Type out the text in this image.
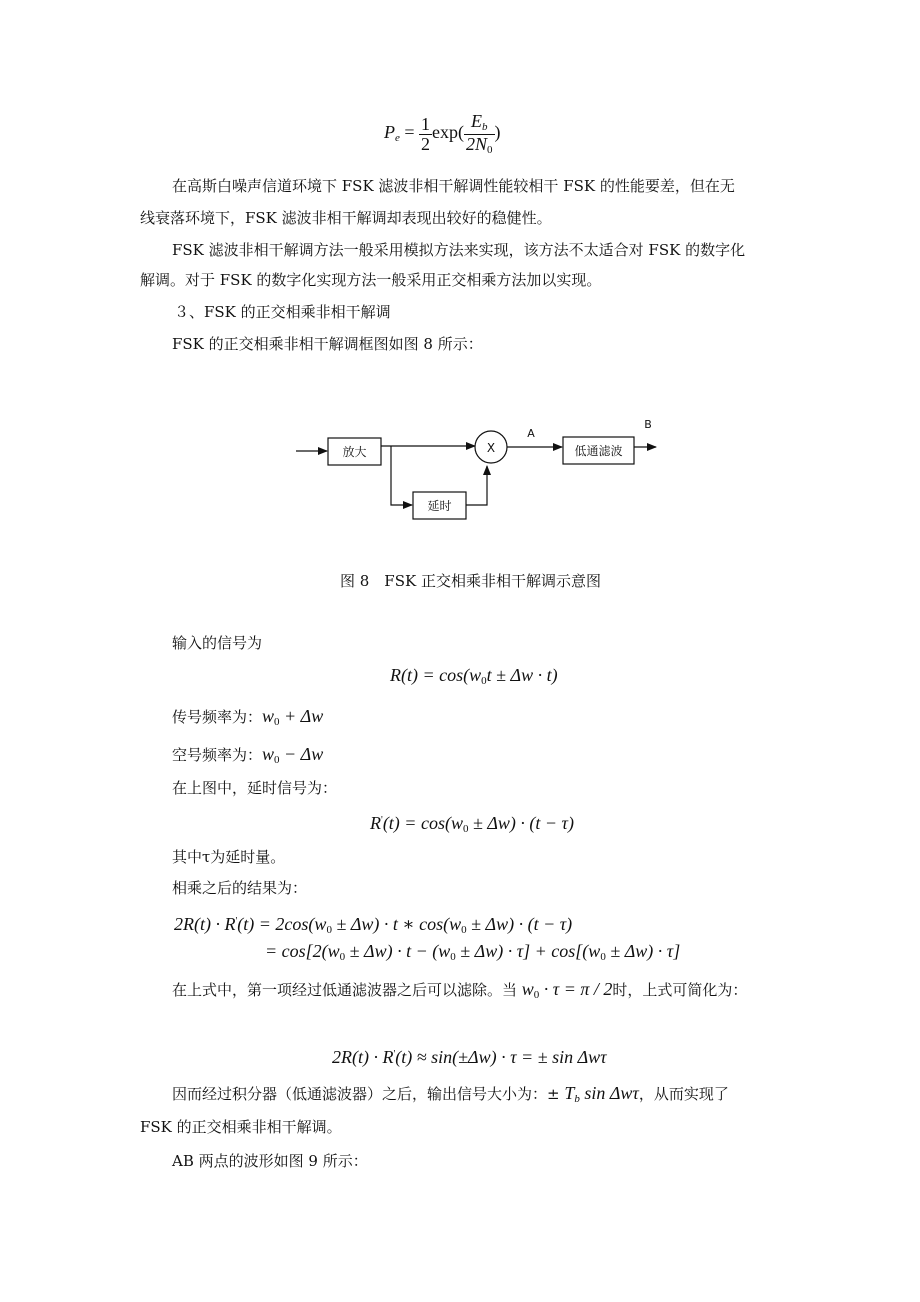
$P_e = \frac{1}{2} \exp( \frac{E_b}{2N_0}$ )
在高斯白噪声信道环境下 FSK 滤波非相干解调性能较相干 FSK 的性能要差，但在无
线衰落环境下，FSK 滤波非相干解调却表现出较好的稳健性。
FSK 滤波非相干解调方法一般采用模拟方法来实现，该方法不太适合对 FSK 的数字化
解调。对于 FSK 的数字化实现方法一般采用正交相乘方法加以实现。
３、FSK 的正交相乘非相干解调
FSK 的正交相乘非相干解调框图如图 8 所示：
放大
延时
X
A
低通滤波
B
图 8　FSK 正交相乘非相干解调示意图
输入的信号为
$R(t) = \cos(w_0t \pm \Delta w \cdot t)$
传号频率为：$w_0 + \Delta w$
空号频率为：$w_0 - \Delta w$
在上图中，延时信号为：
$R'(t) = \cos(w_0 \pm \Delta w) \cdot (t - \tau)$
其中τ为延时量。
相乘之后的结果为：
$2R(t) \cdot R'(t) = 2\cos(w_0 \pm \Delta w) \cdot t$ ∗ $\cos(w_0 \pm \Delta w) \cdot (t - \tau)$
= $\cos[2(w_0 \pm \Delta w) \cdot t - (w_0 \pm \Delta w) \cdot \tau] + \cos[(w_0 \pm \Delta w) \cdot \tau]$
在上式中，第一项经过低通滤波器之后可以滤除。当 $w_0 \cdot \tau = \pi / 2$时，上式可简化为：
2R(t) · R'(t) ≈ sin(±Δw) · τ = ± sin Δwτ
因而经过积分器（低通滤波器）之后，输出信号大小为：± $T_b$ sin Δwτ，从而实现了
FSK 的正交相乘非相干解调。
AB 两点的波形如图 9 所示：
